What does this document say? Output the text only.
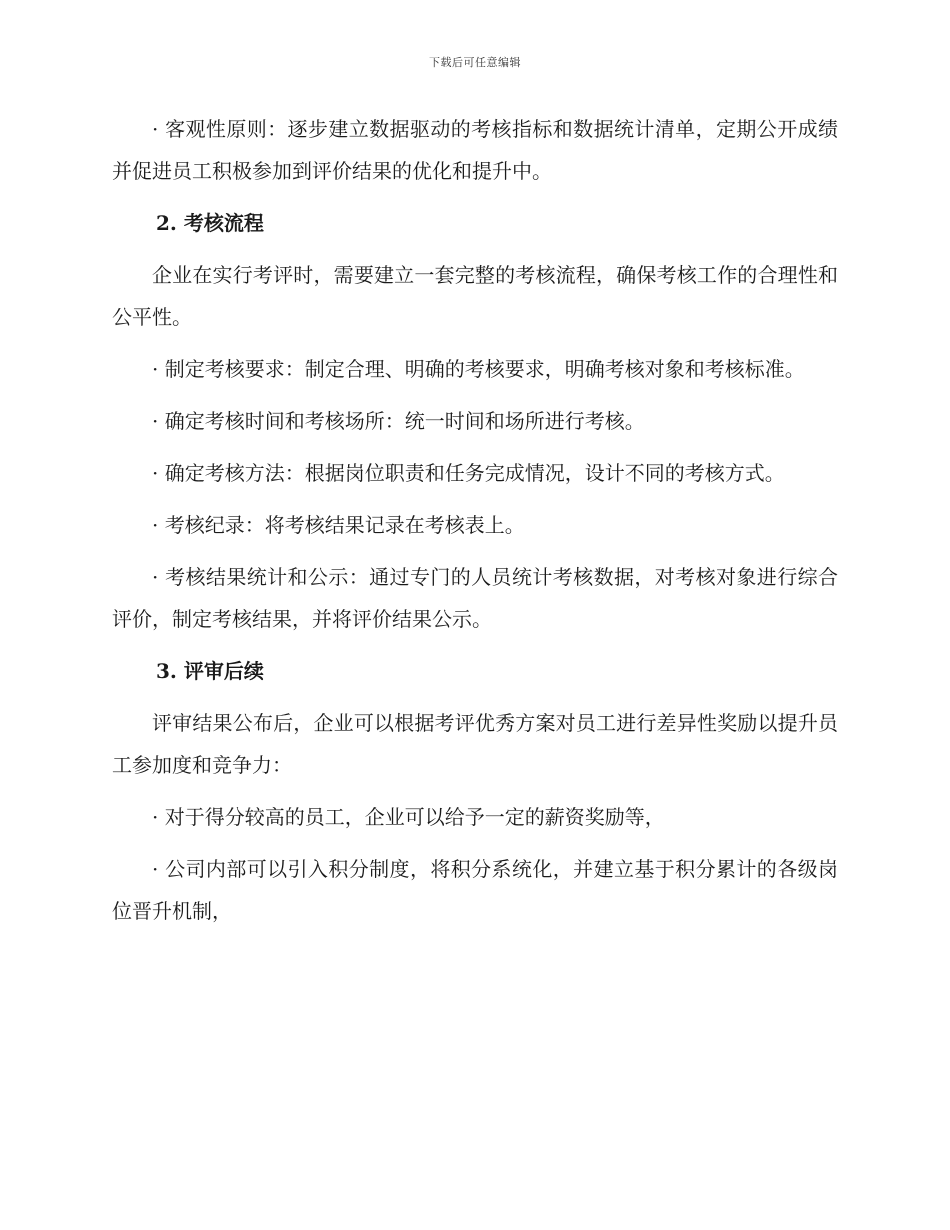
下载后可任意编辑

· 客观性原则：逐步建立数据驱动的考核指标和数据统计清单，定期公开成绩并促进员工积极参加到评价结果的优化和提升中。

2. 考核流程

企业在实行考评时，需要建立一套完整的考核流程，确保考核工作的合理性和公平性。

· 制定考核要求：制定合理、明确的考核要求，明确考核对象和考核标准。

· 确定考核时间和考核场所：统一时间和场所进行考核。

· 确定考核方法：根据岗位职责和任务完成情况，设计不同的考核方式。

· 考核纪录：将考核结果记录在考核表上。

· 考核结果统计和公示：通过专门的人员统计考核数据，对考核对象进行综合评价，制定考核结果，并将评价结果公示。

3. 评审后续

评审结果公布后，企业可以根据考评优秀方案对员工进行差异性奖励以提升员工参加度和竞争力：

· 对于得分较高的员工，企业可以给予一定的薪资奖励等，

· 公司内部可以引入积分制度，将积分系统化，并建立基于积分累计的各级岗位晋升机制，
